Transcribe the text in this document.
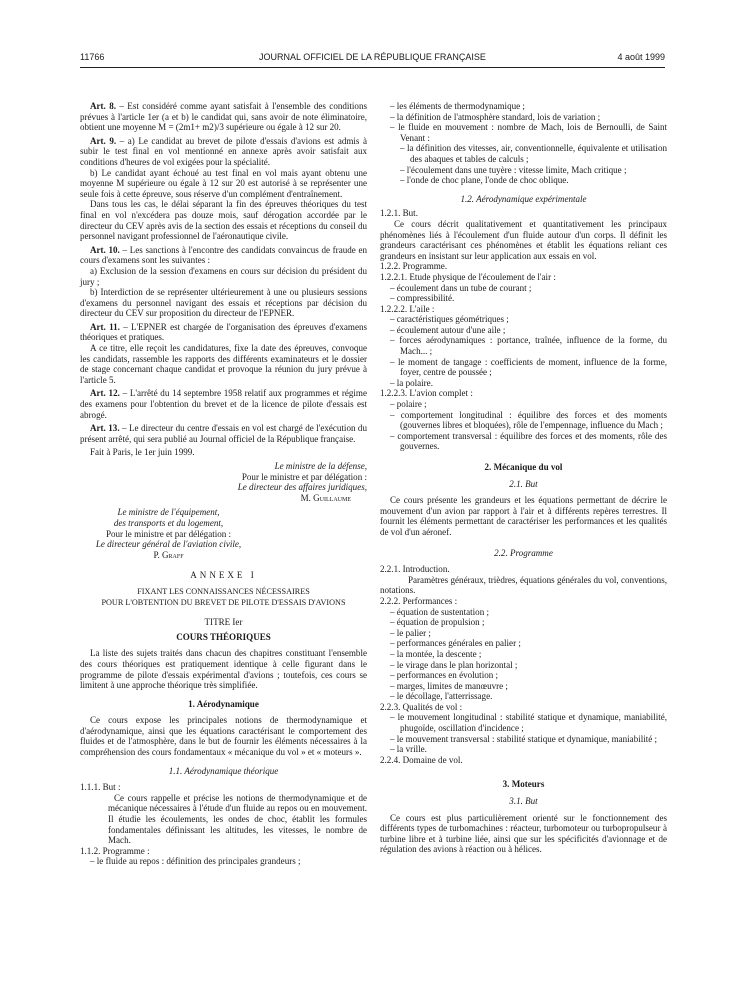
11766	JOURNAL OFFICIEL DE LA RÉPUBLIQUE FRANÇAISE	4 août 1999

Art. 8. – Est considéré comme ayant satisfait à l'ensemble des conditions prévues à l'article 1er (a et b) le candidat qui, sans avoir de note éliminatoire, obtient une moyenne M = (2m1+ m2)/3 supérieure ou égale à 12 sur 20.

Art. 9. – a) Le candidat au brevet de pilote d'essais d'avions est admis à subir le test final en vol mentionné en annexe après avoir satisfait aux conditions d'heures de vol exigées pour la spécialité.

b) Le candidat ayant échoué au test final en vol mais ayant obtenu une moyenne M supérieure ou égale à 12 sur 20 est autorisé à se représenter une seule fois à cette épreuve, sous réserve d'un complément d'entraînement.

Dans tous les cas, le délai séparant la fin des épreuves théoriques du test final en vol n'excédera pas douze mois, sauf dérogation accordée par le directeur du CEV après avis de la section des essais et réceptions du conseil du personnel navigant professionnel de l'aéronautique civile.

Art. 10. – Les sanctions à l'encontre des candidats convaincus de fraude en cours d'examens sont les suivantes :

a) Exclusion de la session d'examens en cours sur décision du président du jury ;

b) Interdiction de se représenter ultérieurement à une ou plusieurs sessions d'examens du personnel navigant des essais et réceptions par décision du directeur du CEV sur proposition du directeur de l'EPNER.

Art. 11. – L'EPNER est chargée de l'organisation des épreuves d'examens théoriques et pratiques.

A ce titre, elle reçoit les candidatures, fixe la date des épreuves, convoque les candidats, rassemble les rapports des différents examinateurs et le dossier de stage concernant chaque candidat et provoque la réunion du jury prévue à l'article 5.

Art. 12. – L'arrêté du 14 septembre 1958 relatif aux programmes et régime des examens pour l'obtention du brevet et de la licence de pilote d'essais est abrogé.

Art. 13. – Le directeur du centre d'essais en vol est chargé de l'exécution du présent arrêté, qui sera publié au Journal officiel de la République française.

Fait à Paris, le 1er juin 1999.

Le ministre de la défense,
Pour le ministre et par délégation :
Le directeur des affaires juridiques,
M. Guillaume
Le ministre de l'équipement,
des transports et du logement,
Pour le ministre et par délégation :
Le directeur général de l'aviation civile,
P. Graff
ANNEXE I
FIXANT LES CONNAISSANCES NÉCESSAIRES
POUR L'OBTENTION DU BREVET DE PILOTE D'ESSAIS D'AVIONS
TITRE Ier
COURS THÉORIQUES

La liste des sujets traités dans chacun des chapitres constituant l'ensemble des cours théoriques est pratiquement identique à celle figurant dans le programme de pilote d'essais expérimental d'avions ; toutefois, ces cours se limitent à une approche théorique très simplifiée.

1. Aérodynamique

Ce cours expose les principales notions de thermodynamique et d'aérodynamique, ainsi que les équations caractérisant le comportement des fluides et de l'atmosphère, dans le but de fournir les éléments nécessaires à la compréhension des cours fondamentaux « mécanique du vol » et « moteurs ».

1.1. Aérodynamique théorique

1.1.1. But :

Ce cours rappelle et précise les notions de thermodynamique et de mécanique nécessaires à l'étude d'un fluide au repos ou en mouvement. Il étudie les écoulements, les ondes de choc, établit les formules fondamentales définissant les altitudes, les vitesses, le nombre de Mach.

1.1.2. Programme :

– le fluide au repos : définition des principales grandeurs ;

– les éléments de thermodynamique ;

– la définition de l'atmosphère standard, lois de variation ;

– le fluide en mouvement : nombre de Mach, lois de Bernoulli, de Saint Venant :

– la définition des vitesses, air, conventionnelle, équivalente et utilisation des abaques et tables de calculs ;

– l'écoulement dans une tuyère : vitesse limite, Mach critique ;

– l'onde de choc plane, l'onde de choc oblique.

1.2. Aérodynamique expérimentale

1.2.1. But.

Ce cours décrit qualitativement et quantitativement les principaux phénomènes liés à l'écoulement d'un fluide autour d'un corps. Il définit les grandeurs caractérisant ces phénomènes et établit les équations reliant ces grandeurs en insistant sur leur application aux essais en vol.

1.2.2. Programme.

1.2.2.1. Etude physique de l'écoulement de l'air :

– écoulement dans un tube de courant ;

– compressibilité.

1.2.2.2. L'aile :

– caractéristiques géométriques ;

– écoulement autour d'une aile ;

– forces aérodynamiques : portance, traînée, influence de la forme, du Mach... ;

– le moment de tangage : coefficients de moment, influence de la forme, foyer, centre de poussée ;

– la polaire.

1.2.2.3. L'avion complet :

– polaire ;

– comportement longitudinal : équilibre des forces et des moments (gouvernes libres et bloquées), rôle de l'empennage, influence du Mach ;

– comportement transversal : équilibre des forces et des moments, rôle des gouvernes.

2. Mécanique du vol
2.1. But

Ce cours présente les grandeurs et les équations permettant de décrire le mouvement d'un avion par rapport à l'air et à différents repères terrestres. Il fournit les éléments permettant de caractériser les performances et les qualités de vol d'un aéronef.

2.2. Programme

2.2.1. Introduction.

Paramètres généraux, trièdres, équations générales du vol, conventions, notations.

2.2.2. Performances :

– équation de sustentation ;

– équation de propulsion ;

– le palier ;

– performances générales en palier ;

– la montée, la descente ;

– le virage dans le plan horizontal ;

– performances en évolution ;

– marges, limites de manœuvre ;

– le décollage, l'atterrissage.

2.2.3. Qualités de vol :

– le mouvement longitudinal : stabilité statique et dynamique, maniabilité, phugoïde, oscillation d'incidence ;

– le mouvement transversal : stabilité statique et dynamique, maniabilité ;

– la vrille.

2.2.4. Domaine de vol.

3. Moteurs
3.1. But

Ce cours est plus particulièrement orienté sur le fonctionnement des différents types de turbomachines : réacteur, turbomoteur ou turbopropulseur à turbine libre et à turbine liée, ainsi que sur les spécificités d'avionnage et de régulation des avions à réaction ou à hélices.
